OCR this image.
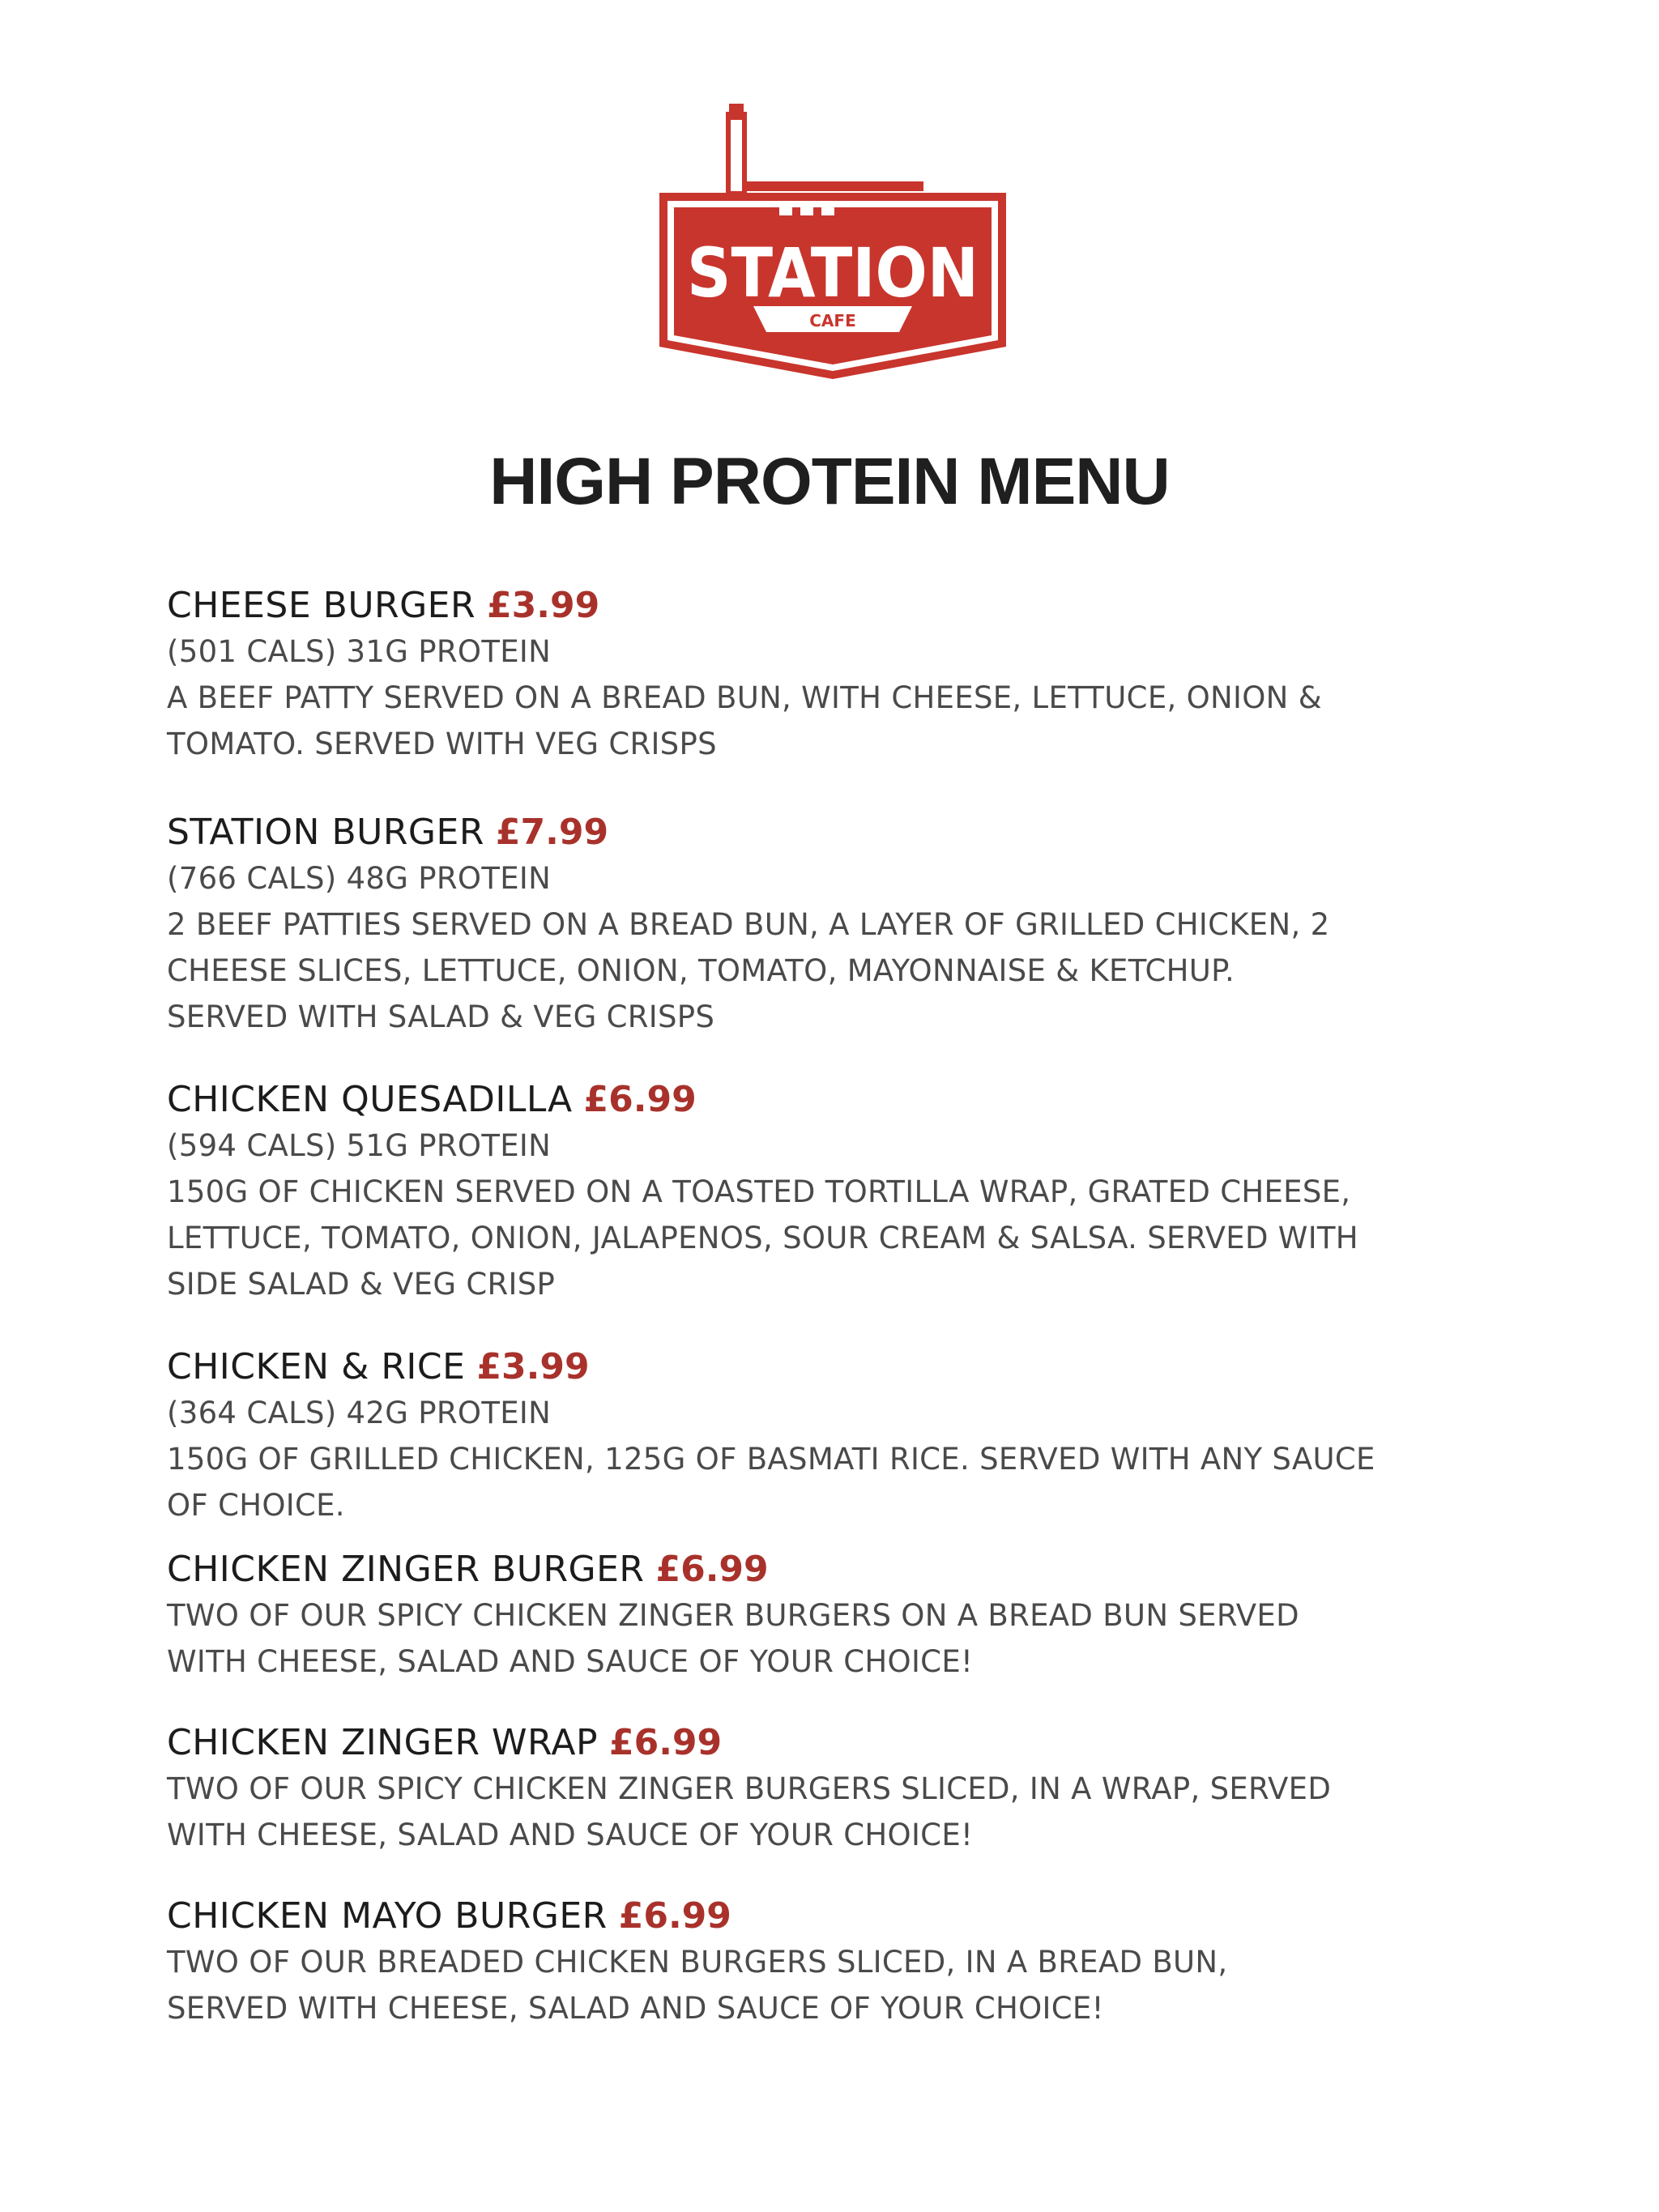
CAFE
STATION
HIGH PROTEIN MENU
CHEESE BURGER £3.99
(501 CALS) 31G PROTEIN
A BEEF PATTY SERVED ON A BREAD BUN, WITH CHEESE, LETTUCE, ONION &
TOMATO. SERVED WITH VEG CRISPS
STATION BURGER £7.99
(766 CALS) 48G PROTEIN
2 BEEF PATTIES SERVED ON A BREAD BUN, A LAYER OF GRILLED CHICKEN, 2
CHEESE SLICES, LETTUCE, ONION, TOMATO, MAYONNAISE & KETCHUP.
SERVED WITH SALAD & VEG CRISPS
CHICKEN QUESADILLA £6.99
(594 CALS) 51G PROTEIN
150G OF CHICKEN SERVED ON A TOASTED TORTILLA WRAP, GRATED CHEESE,
LETTUCE, TOMATO, ONION, JALAPENOS, SOUR CREAM & SALSA. SERVED WITH
SIDE SALAD & VEG CRISP
CHICKEN & RICE £3.99
(364 CALS) 42G PROTEIN
150G OF GRILLED CHICKEN, 125G OF BASMATI RICE. SERVED WITH ANY SAUCE
OF CHOICE.
CHICKEN ZINGER BURGER £6.99
TWO OF OUR SPICY CHICKEN ZINGER BURGERS ON A BREAD BUN SERVED
WITH CHEESE, SALAD AND SAUCE OF YOUR CHOICE!
CHICKEN ZINGER WRAP £6.99
TWO OF OUR SPICY CHICKEN ZINGER BURGERS SLICED, IN A WRAP, SERVED
WITH CHEESE, SALAD AND SAUCE OF YOUR CHOICE!
CHICKEN MAYO BURGER £6.99
TWO OF OUR BREADED CHICKEN BURGERS SLICED, IN A BREAD BUN,
SERVED WITH CHEESE, SALAD AND SAUCE OF YOUR CHOICE!
